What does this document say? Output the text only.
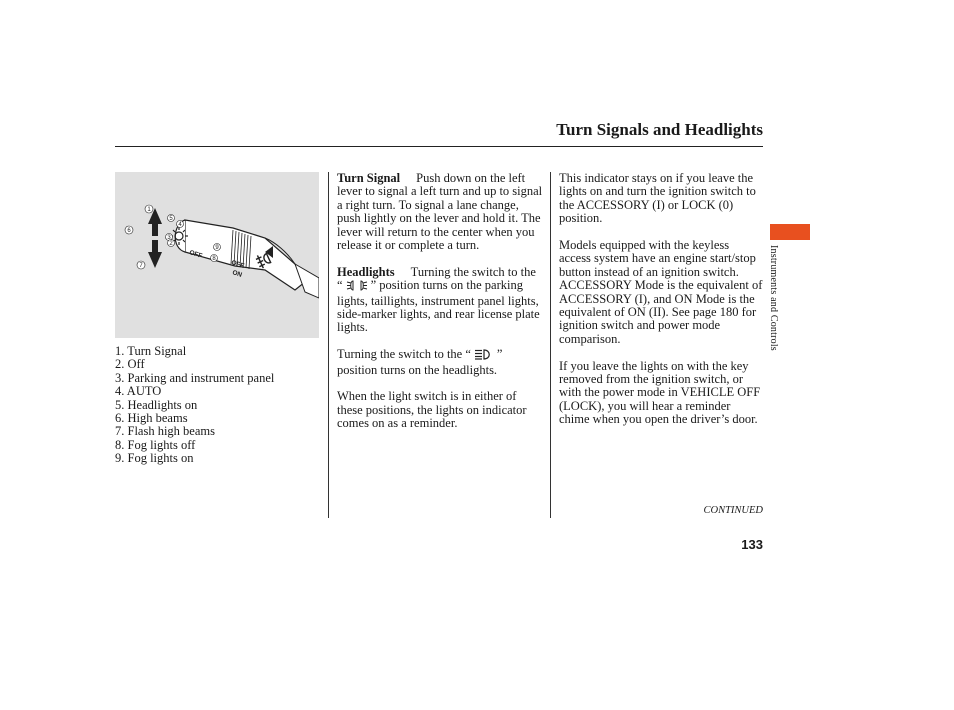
Turn Signals and Headlights
1
6
7
5
3
2
9
8
4
OFF
OFF
ON
1. Turn Signal
2. Off
3. Parking and instrument panel
4. AUTO
5. Headlights on
6. High beams
7. Flash high beams
8. Fog lights off
9. Fog lights on

Turn Signal Push down on the left lever to signal a left turn and up to signal a right turn. To signal a lane change, push lightly on the lever and hold it. The lever will return to the center when you release it or complete a turn.

Headlights Turning the switch to the “ ” position turns on the parking lights, taillights, instrument panel lights, side-marker lights, and rear license plate lights.

Turning the switch to the “ ” position turns on the headlights.

When the light switch is in either of these positions, the lights on indicator comes on as a reminder.

This indicator stays on if you leave the lights on and turn the ignition switch to the ACCESSORY (I) or LOCK (0) position.

Models equipped with the keyless access system have an engine start/stop button instead of an ignition switch. ACCESSORY Mode is the equivalent of ACCESSORY (I), and ON Mode is the equivalent of ON (II). See page 180 for ignition switch and power mode comparison.

If you leave the lights on with the key removed from the ignition switch, or with the power mode in VEHICLE OFF (LOCK), you will hear a reminder chime when you open the driver’s door.

Instruments and Controls
CONTINUED
133
